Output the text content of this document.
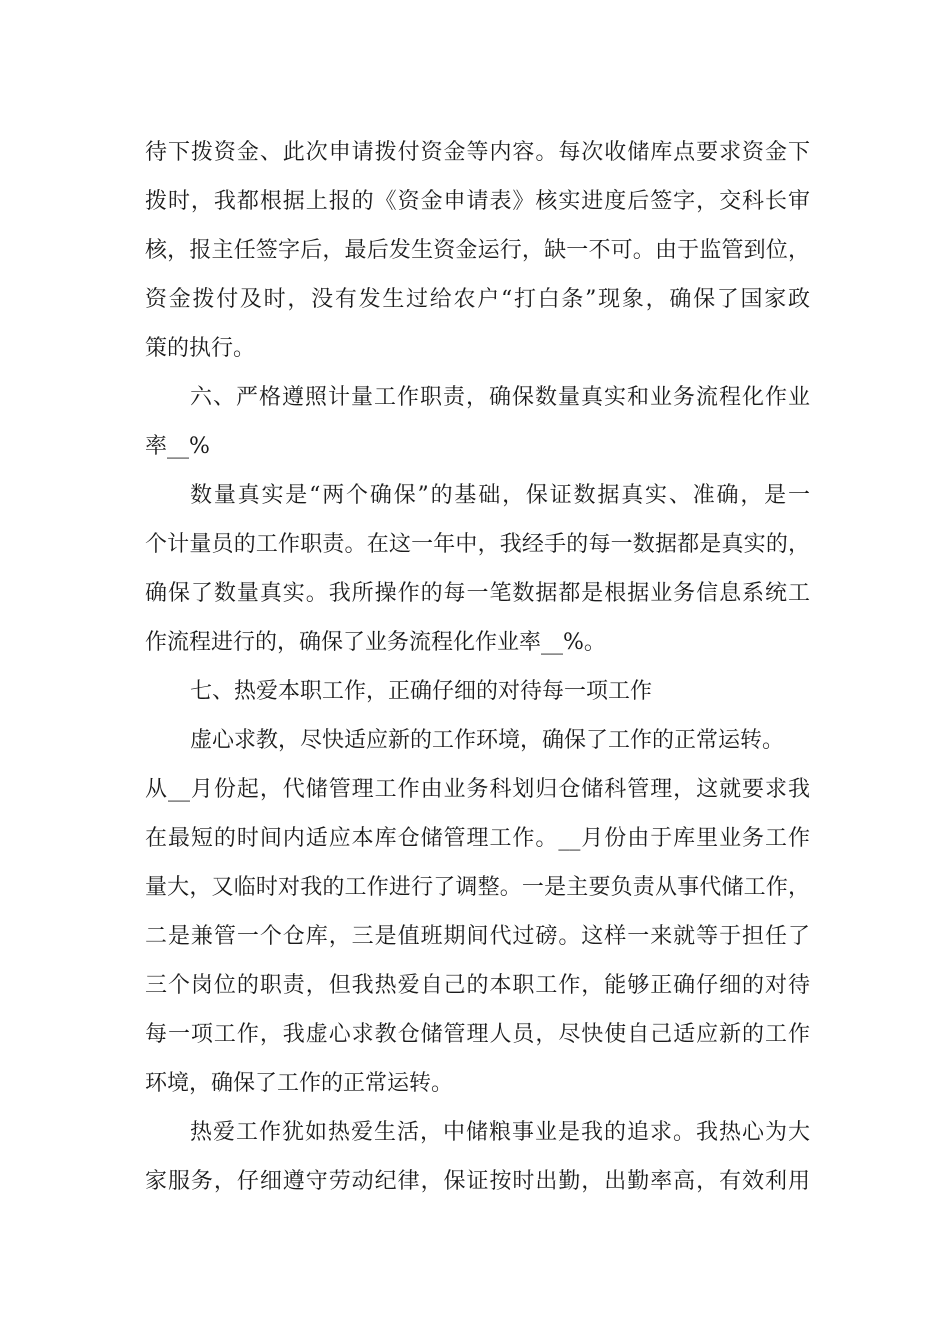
待下拨资金、此次申请拨付资金等内容。每次收储库点要求资金下
拨时，我都根据上报的《资金申请表》核实进度后签字，交科长审
核，报主任签字后，最后发生资金运行，缺一不可。由于监管到位，
资金拨付及时，没有发生过给农户“打白条”现象，确保了国家政
策的执行。
六、严格遵照计量工作职责，确保数量真实和业务流程化作业
率__%
数量真实是“两个确保”的基础，保证数据真实、准确，是一
个计量员的工作职责。在这一年中，我经手的每一数据都是真实的，
确保了数量真实。我所操作的每一笔数据都是根据业务信息系统工
作流程进行的，确保了业务流程化作业率__%。
七、热爱本职工作，正确仔细的对待每一项工作
虚心求教，尽快适应新的工作环境，确保了工作的正常运转。
从__月份起，代储管理工作由业务科划归仓储科管理，这就要求我
在最短的时间内适应本库仓储管理工作。__月份由于库里业务工作
量大，又临时对我的工作进行了调整。一是主要负责从事代储工作，
二是兼管一个仓库，三是值班期间代过磅。这样一来就等于担任了
三个岗位的职责，但我热爱自己的本职工作，能够正确仔细的对待
每一项工作，我虚心求教仓储管理人员，尽快使自己适应新的工作
环境，确保了工作的正常运转。
热爱工作犹如热爱生活，中储粮事业是我的追求。我热心为大
家服务，仔细遵守劳动纪律，保证按时出勤，出勤率高，有效利用
